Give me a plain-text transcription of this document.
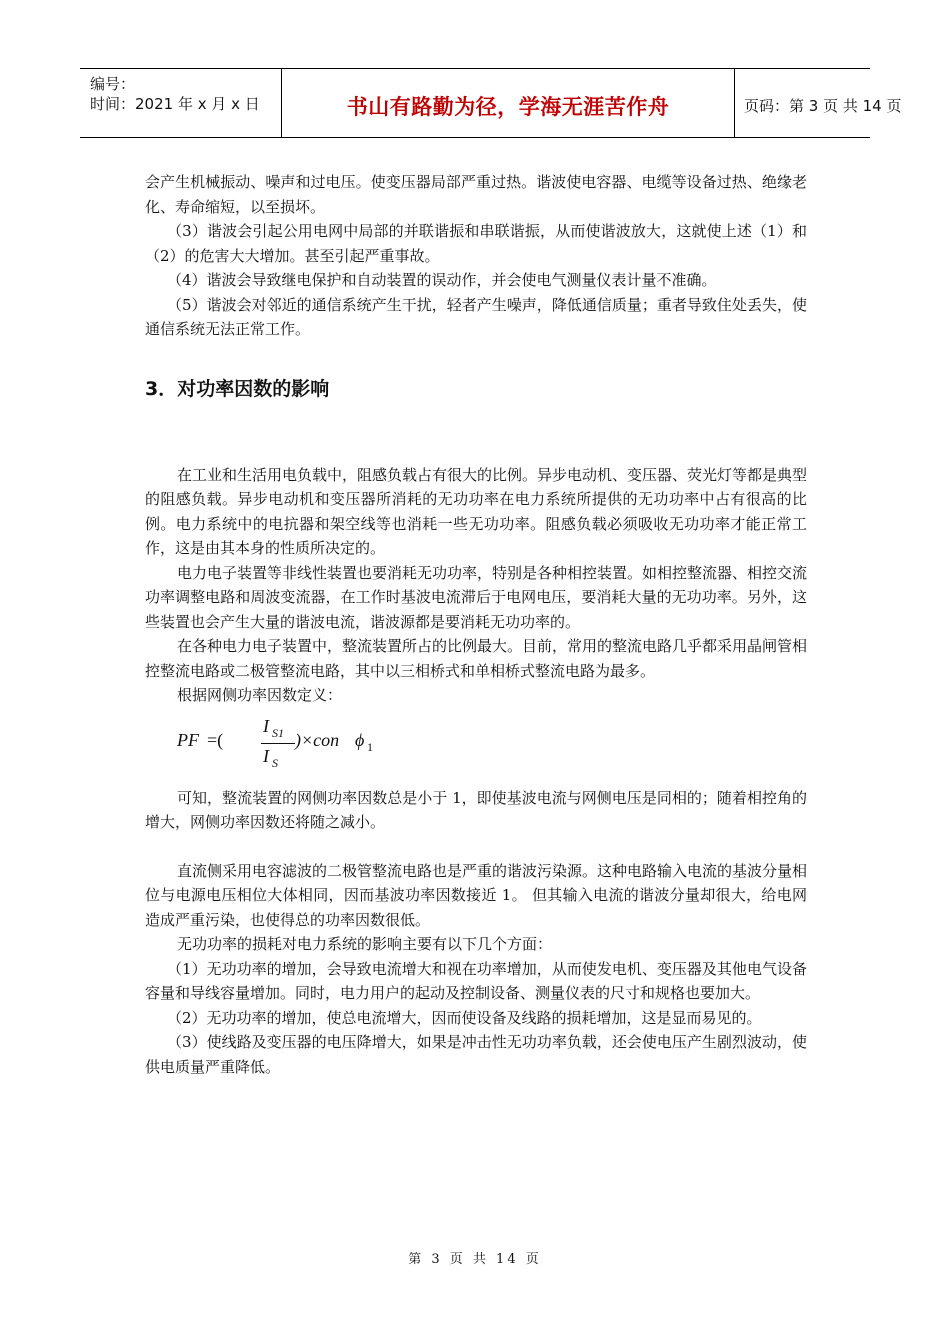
编号：
时间：2021 年 x 月 x 日	书山有路勤为径，学海无涯苦作舟	页码：第 3 页 共 14 页

会产生机械振动、噪声和过电压。使变压器局部严重过热。谐波使电容器、电缆等设备过热、绝缘老化、寿命缩短，以至损坏。

（3）谐波会引起公用电网中局部的并联谐振和串联谐振，从而使谐波放大，这就使上述（1）和（2）的危害大大增加。甚至引起严重事故。

（4）谐波会导致继电保护和自动装置的误动作，并会使电气测量仪表计量不准确。

（5）谐波会对邻近的通信系统产生干扰，轻者产生噪声，降低通信质量；重者导致住处丢失，使通信系统无法正常工作。

3．对功率因数的影响

在工业和生活用电负载中，阻感负载占有很大的比例。异步电动机、变压器、荧光灯等都是典型的阻感负载。异步电动机和变压器所消耗的无功功率在电力系统所提供的无功功率中占有很高的比例。电力系统中的电抗器和架空线等也消耗一些无功功率。阻感负载必须吸收无功功率才能正常工作，这是由其本身的性质所决定的。

电力电子装置等非线性装置也要消耗无功功率，特别是各种相控装置。如相控整流器、相控交流功率调整电路和周波变流器，在工作时基波电流滞后于电网电压，要消耗大量的无功功率。另外，这些装置也会产生大量的谐波电流，谐波源都是要消耗无功功率的。

在各种电力电子装置中，整流装置所占的比例最大。目前，常用的整流电路几乎都采用晶闸管相控整流电路或二极管整流电路，其中以三相桥式和单相桥式整流电路为最多。

根据网侧功率因数定义：

PF =(
I S1
I S
)×con ϕ 1

可知，整流装置的网侧功率因数总是小于 1，即使基波电流与网侧电压是同相的；随着相控角的增大，网侧功率因数还将随之减小。

直流侧采用电容滤波的二极管整流电路也是严重的谐波污染源。这种电路输入电流的基波分量相位与电源电压相位大体相同，因而基波功率因数接近 1。 但其输入电流的谐波分量却很大，给电网造成严重污染，也使得总的功率因数很低。

无功功率的损耗对电力系统的影响主要有以下几个方面：

（1）无功功率的增加，会导致电流增大和视在功率增加，从而使发电机、变压器及其他电气设备容量和导线容量增加。同时，电力用户的起动及控制设备、测量仪表的尺寸和规格也要加大。

（2）无功功率的增加，使总电流增大，因而使设备及线路的损耗增加，这是显而易见的。

（3）使线路及变压器的电压降增大，如果是冲击性无功功率负载，还会使电压产生剧烈波动，使供电质量严重降低。

第 3 页 共 14 页
